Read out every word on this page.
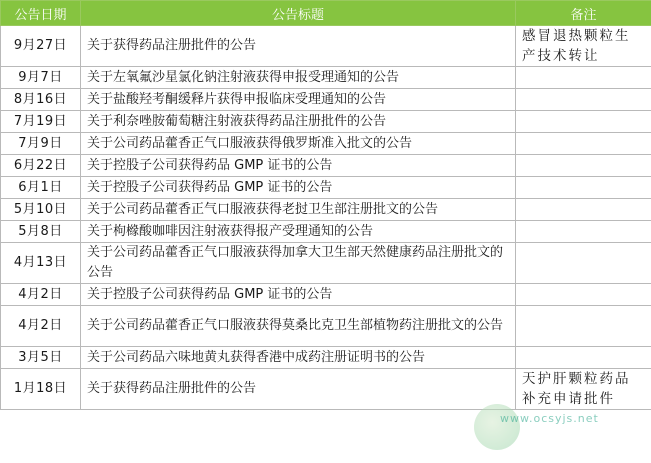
公告日期	公告标题	备注
9月27日	关于获得药品注册批件的公告	感冒退热颗粒生产技术转让
9月7日	关于左氧氟沙星氯化钠注射液获得申报受理通知的公告	
8月16日	关于盐酸羟考酮缓释片获得申报临床受理通知的公告	
7月19日	关于利奈唑胺葡萄糖注射液获得药品注册批件的公告	
7月9日	关于公司药品藿香正气口服液获得俄罗斯准入批文的公告	
6月22日	关于控股子公司获得药品 GMP 证书的公告	
6月1日	关于控股子公司获得药品 GMP 证书的公告	
5月10日	关于公司药品藿香正气口服液获得老挝卫生部注册批文的公告	
5月8日	关于枸橼酸咖啡因注射液获得报产受理通知的公告	
4月13日	关于公司药品藿香正气口服液获得加拿大卫生部天然健康药品注册批文的公告	
4月2日	关于控股子公司获得药品 GMP 证书的公告	
4月2日	关于公司药品藿香正气口服液获得莫桑比克卫生部植物药注册批文的公告	
3月5日	关于公司药品六味地黄丸获得香港中成药注册证明书的公告	
1月18日	关于获得药品注册批件的公告	天护肝颗粒药品补充申请批件
www.ocsyjs.net
